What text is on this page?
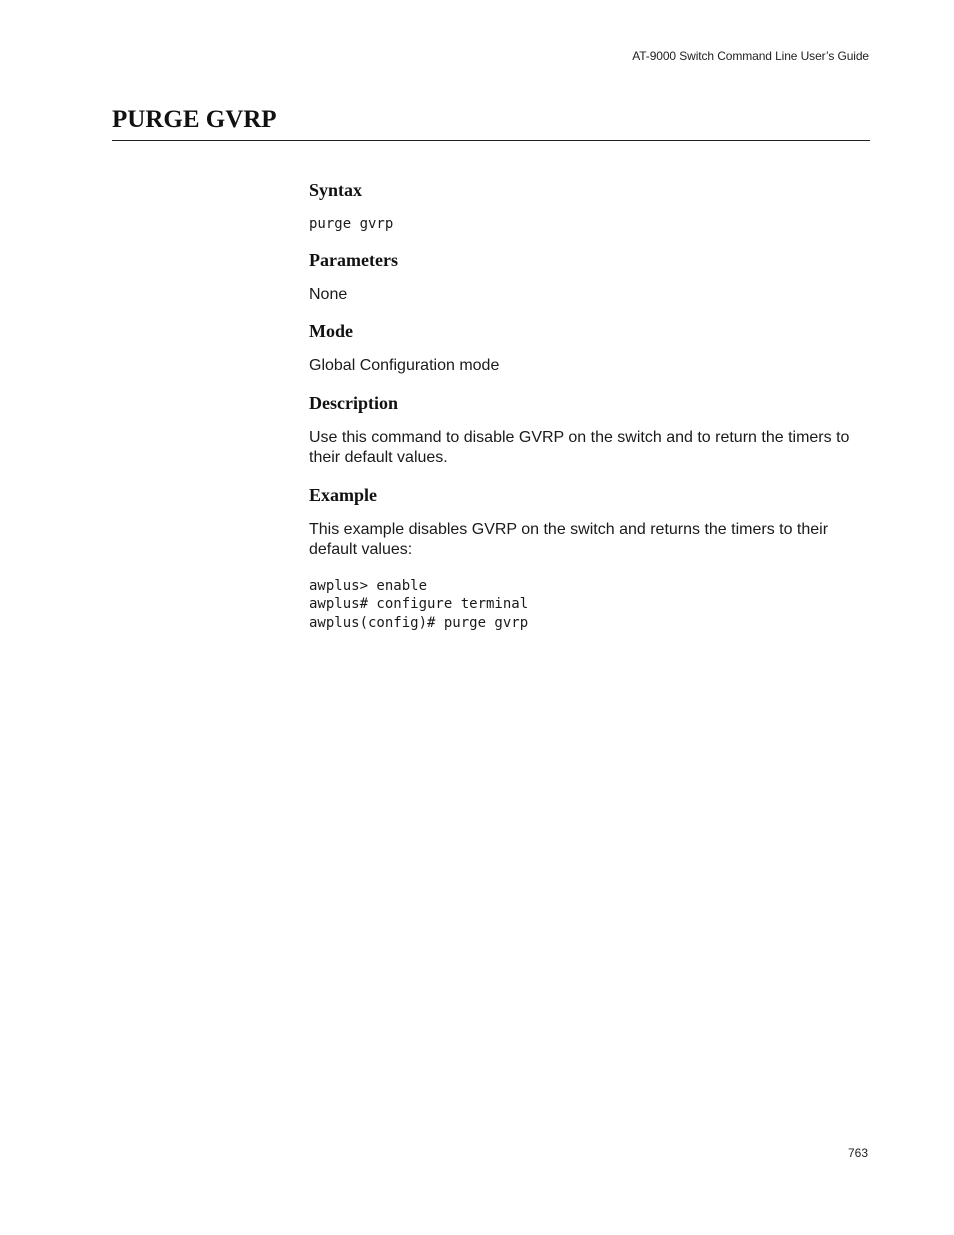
AT-9000 Switch Command Line User’s Guide
PURGE GVRP
Syntax
purge gvrp
Parameters

None

Mode

Global Configuration mode

Description

Use this command to disable GVRP on the switch and to return the timers to their default values.

Example

This example disables GVRP on the switch and returns the timers to their default values:

awplus> enable
awplus# configure terminal
awplus(config)# purge gvrp
763
